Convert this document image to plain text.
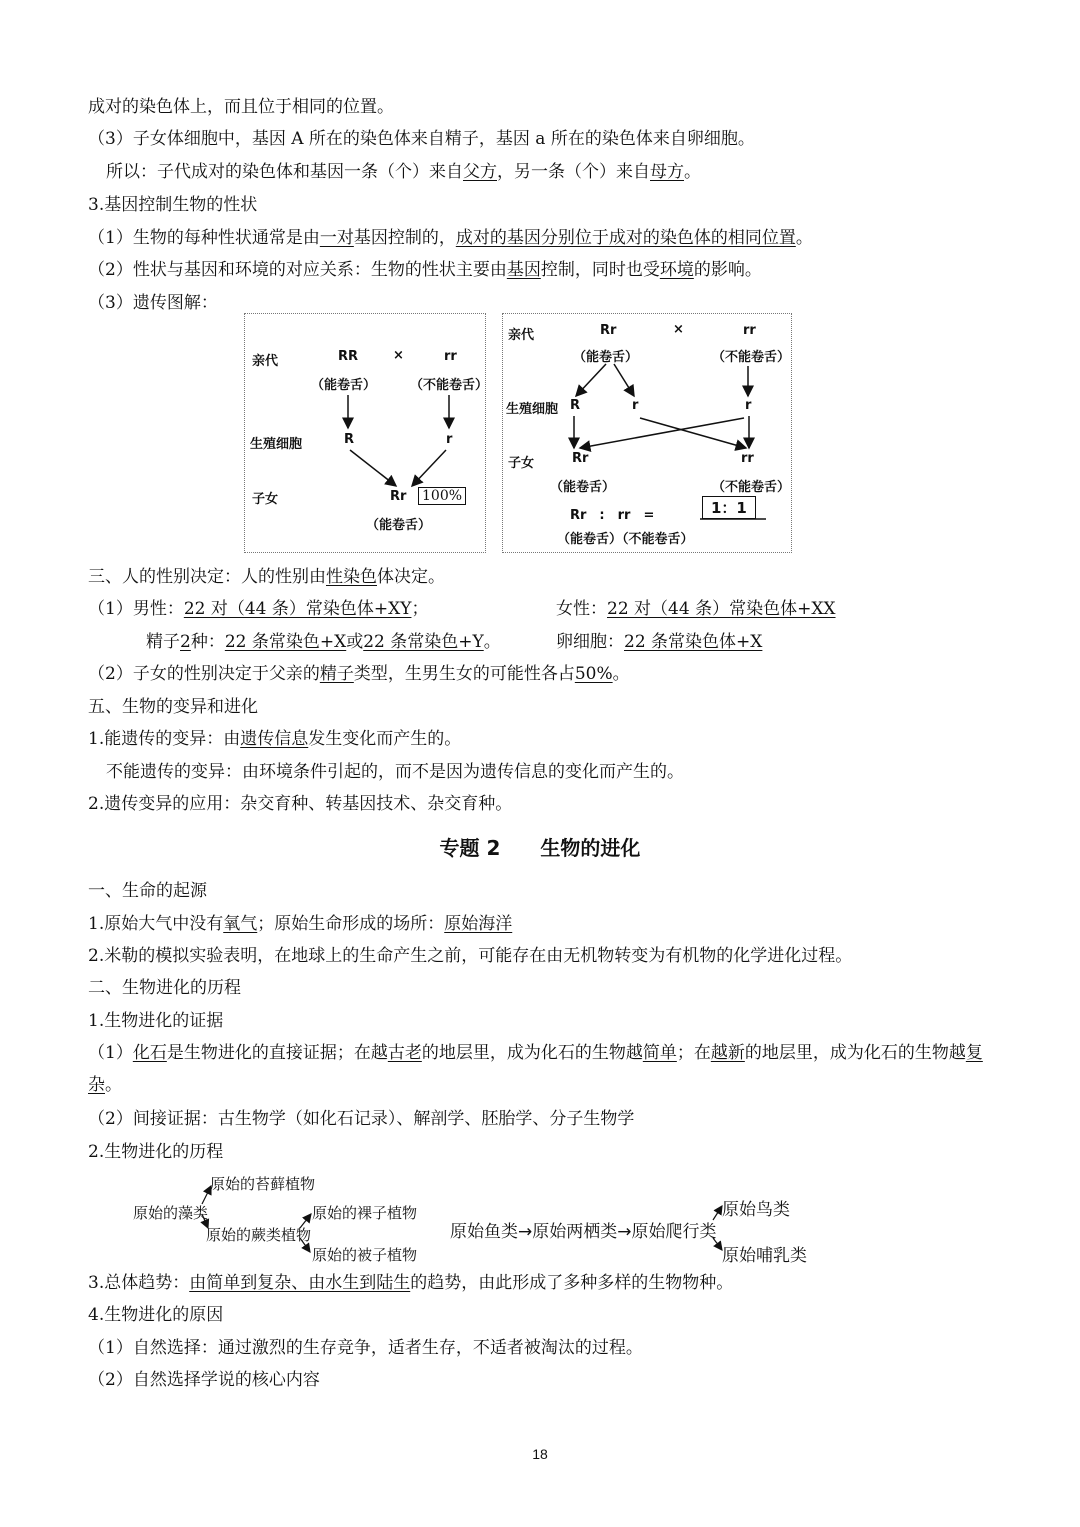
成对的染色体上，而且位于相同的位置。
（3）子女体细胞中，基因 A 所在的染色体来自精子，基因 a 所在的染色体来自卵细胞。
所以：子代成对的染色体和基因一条（个）来自父方，另一条（个）来自母方。
3.基因控制生物的性状
（1）生物的每种性状通常是由一对基因控制的，成对的基因分别位于成对的染色体的相同位置。
（2）性状与基因和环境的对应关系：生物的性状主要由基因控制，同时也受环境的影响。
（3）遗传图解：
亲代	RR	×	rr
（能卷舌）	（不能卷舌）
生殖细胞	R	r
子女	Rr 100%
（能卷舌）
亲代	Rr	×	rr
（能卷舌）	（不能卷舌）
生殖细胞 R	r	r
子女	Rr	rr
（能卷舌）	（不能卷舌）
Rr　:　rr　=	1：1
（能卷舌）（不能卷舌）
三、人的性别决定：人的性别由性染色体决定。
（1）男性：22 对（44 条）常染色体+XY；	女性：22 对（44 条）常染色体+XX
精子2种：22 条常染色+X或22 条常染色+Y。	卵细胞：22 条常染色体+X
（2）子女的性别决定于父亲的精子类型，生男生女的可能性各占50%。
五、生物的变异和进化
1.能遗传的变异：由遗传信息发生变化而产生的。
不能遗传的变异：由环境条件引起的，而不是因为遗传信息的变化而产生的。
2.遗传变异的应用：杂交育种、转基因技术、杂交育种。
专题 2　　生物的进化
一、生命的起源
1.原始大气中没有氧气；原始生命形成的场所：原始海洋
2.米勒的模拟实验表明，在地球上的生命产生之前，可能存在由无机物转变为有机物的化学进化过程。
二、生物进化的历程
1.生物进化的证据
（1）化石是生物进化的直接证据；在越古老的地层里，成为化石的生物越简单；在越新的地层里，成为化石的生物越复杂。
（2）间接证据：古生物学（如化石记录）、解剖学、胚胎学、分子生物学
2.生物进化的历程
原始的苔藓植物
原始的藻类	原始的裸子植物
原始的蕨类植物
原始的被子植物
原始鱼类→原始两栖类→原始爬行类
原始鸟类
原始哺乳类
3.总体趋势：由简单到复杂、由水生到陆生的趋势，由此形成了多种多样的生物物种。
4.生物进化的原因
（1）自然选择：通过激烈的生存竞争，适者生存，不适者被淘汰的过程。
（2）自然选择学说的核心内容
18
